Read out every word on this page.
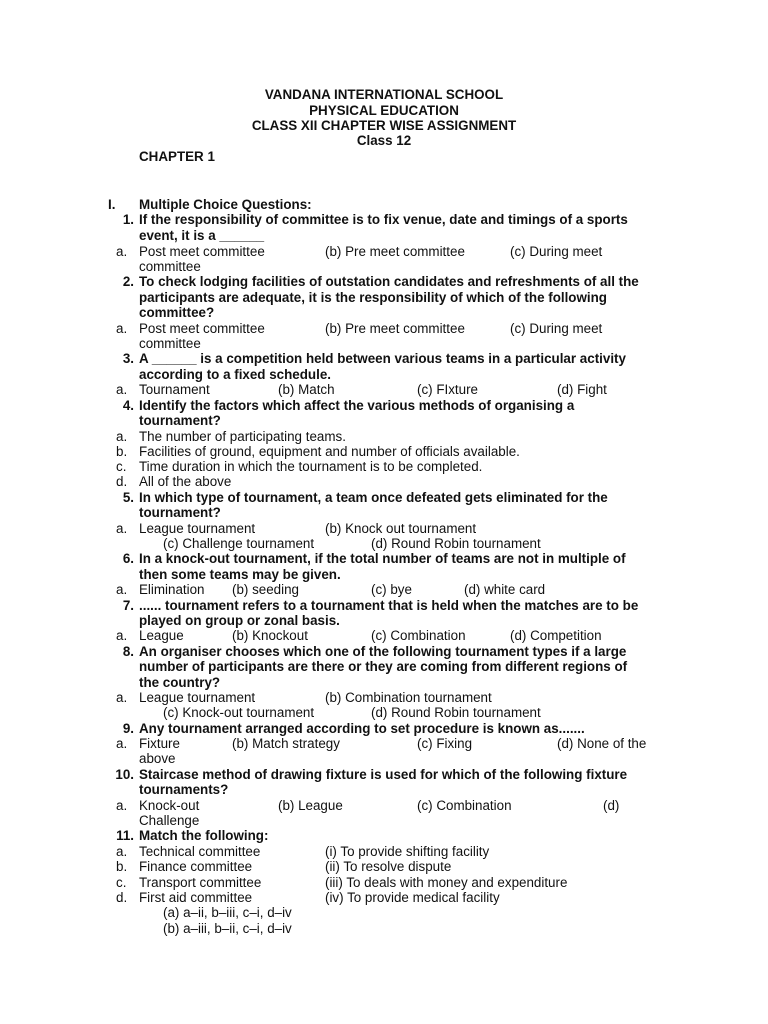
VANDANA INTERNATIONAL SCHOOL
PHYSICAL EDUCATION
CLASS XII CHAPTER WISE ASSIGNMENT
Class 12
CHAPTER 1
I. Multiple Choice Questions:
1. If the responsibility of committee is to fix venue, date and timings of a sports
event, it is a ______
a. Post meet committee	(b) Pre meet committee	(c) During meet
committee
2. To check lodging facilities of outstation candidates and refreshments of all the
participants are adequate, it is the responsibility of which of the following
committee?
a. Post meet committee	(b) Pre meet committee	(c) During meet
committee
3. A ______ is a competition held between various teams in a particular activity
according to a fixed schedule.
a. Tournament	(b) Match	(c) FIxture	(d) Fight
4. Identify the factors which affect the various methods of organising a
tournament?
a. The number of participating teams.
b. Facilities of ground, equipment and number of officials available.
c. Time duration in which the tournament is to be completed.
d. All of the above
5. In which type of tournament, a team once defeated gets eliminated for the
tournament?
a. League tournament	(b) Knock out tournament
(c) Challenge tournament	(d) Round Robin tournament
6. In a knock-out tournament, if the total number of teams are not in multiple of
then some teams may be given.
a. Elimination (b) seeding	(c) bye	(d) white card
7. ...... tournament refers to a tournament that is held when the matches are to be
played on group or zonal basis.
a. League	(b) Knockout	(c) Combination	(d) Competition
8. An organiser chooses which one of the following tournament types if a large
number of participants are there or they are coming from different regions of
the country?
a. League tournament	(b) Combination tournament
(c) Knock-out tournament	(d) Round Robin tournament
9. Any tournament arranged according to set procedure is known as.......
a. Fixture	(b) Match strategy	(c) Fixing	(d) None of the
above
10. Staircase method of drawing fixture is used for which of the following fixture
tournaments?
a. Knock-out	(b) League	(c) Combination	(d)
Challenge
11. Match the following:
a. Technical committee	(i) To provide shifting facility
b. Finance committee	(ii) To resolve dispute
c. Transport committee	(iii) To deals with money and expenditure
d. First aid committee	(iv) To provide medical facility
(a) a–ii, b–iii, c–i, d–iv
(b) a–iii, b–ii, c–i, d–iv
